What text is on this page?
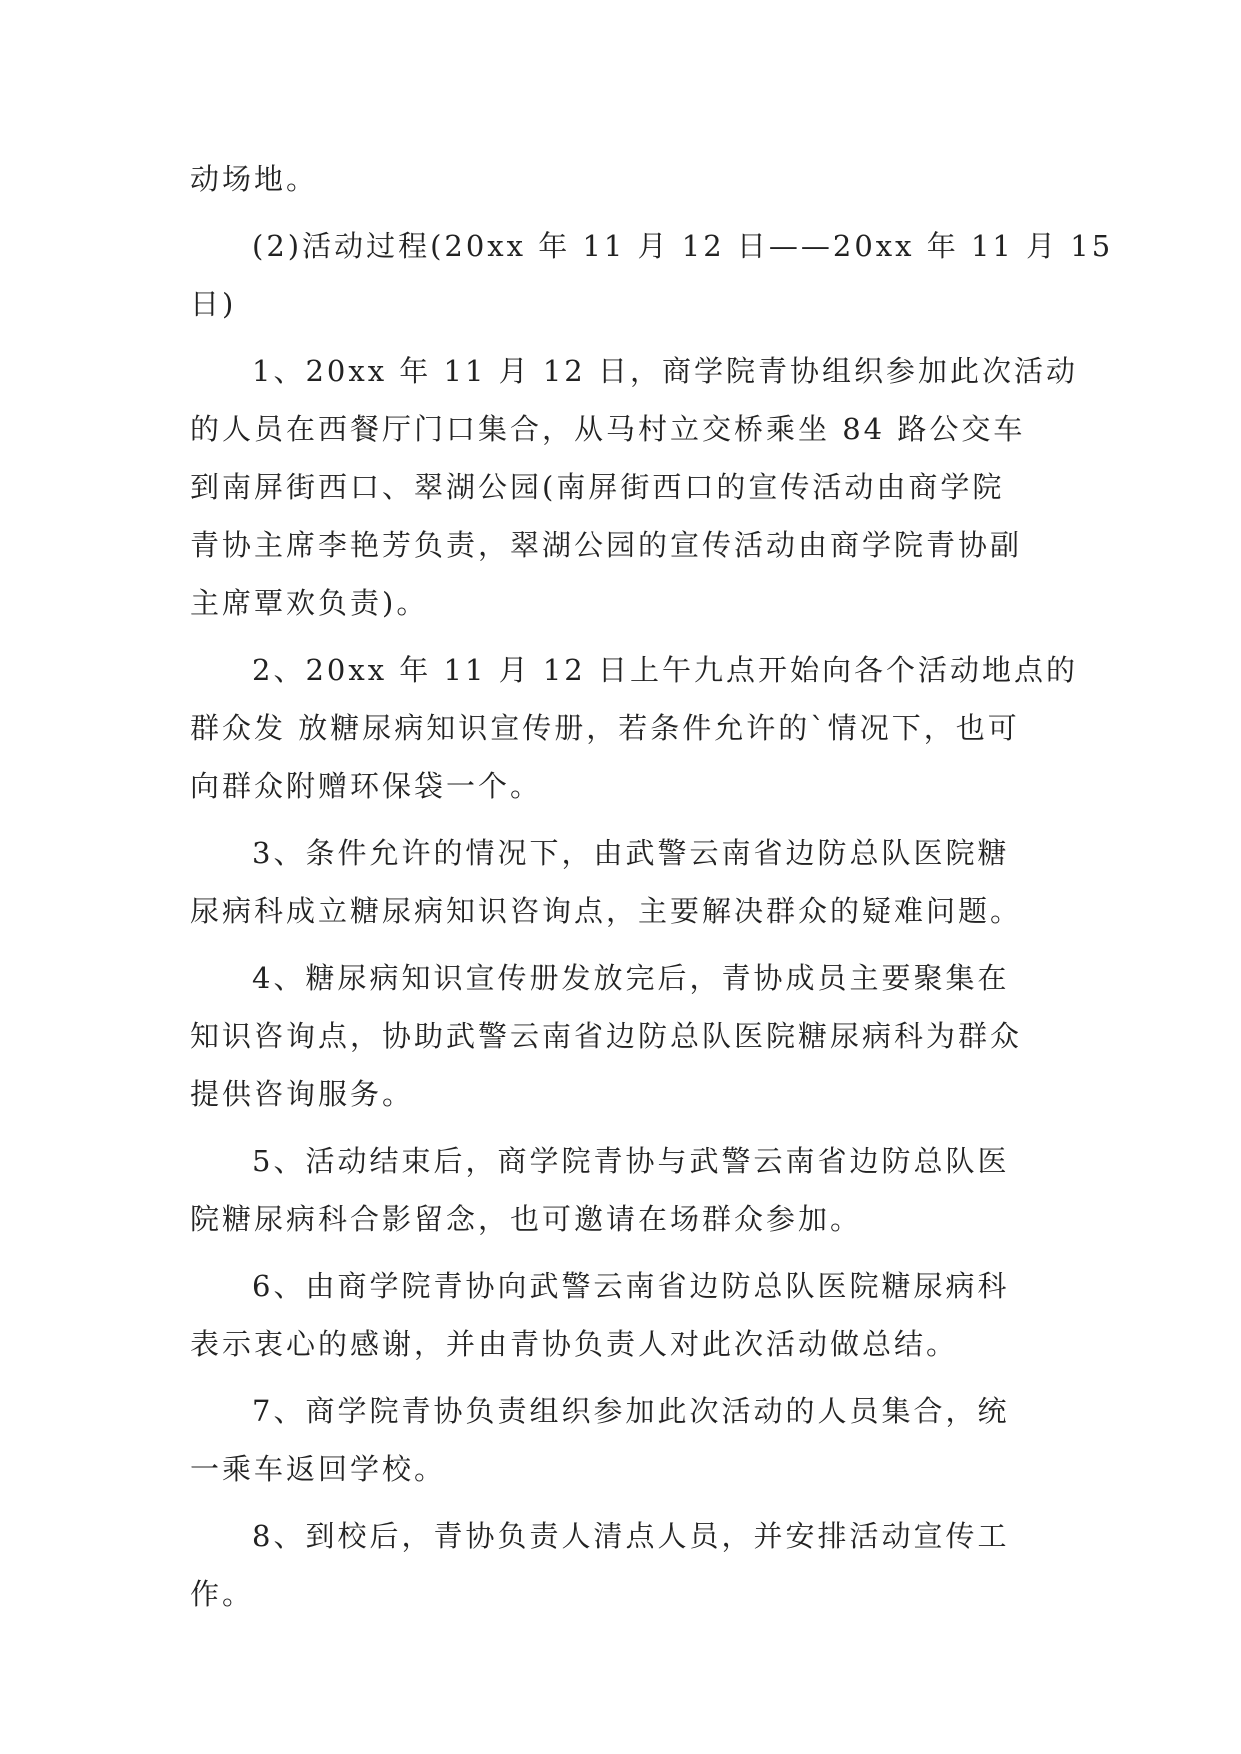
动场地。

(2)活动过程(20xx 年 11 月 12 日——20xx 年 11 月 15
日)

1、20xx 年 11 月 12 日，商学院青协组织参加此次活动
的人员在西餐厅门口集合，从马村立交桥乘坐 84 路公交车
到南屏街西口、翠湖公园(南屏街西口的宣传活动由商学院
青协主席李艳芳负责，翠湖公园的宣传活动由商学院青协副
主席覃欢负责)。

2、20xx 年 11 月 12 日上午九点开始向各个活动地点的
群众发 放糖尿病知识宣传册，若条件允许的`情况下，也可
向群众附赠环保袋一个。

3、条件允许的情况下，由武警云南省边防总队医院糖
尿病科成立糖尿病知识咨询点，主要解决群众的疑难问题。

4、糖尿病知识宣传册发放完后，青协成员主要聚集在
知识咨询点，协助武警云南省边防总队医院糖尿病科为群众
提供咨询服务。

5、活动结束后，商学院青协与武警云南省边防总队医
院糖尿病科合影留念，也可邀请在场群众参加。

6、由商学院青协向武警云南省边防总队医院糖尿病科
表示衷心的感谢，并由青协负责人对此次活动做总结。

7、商学院青协负责组织参加此次活动的人员集合，统
一乘车返回学校。

8、到校后，青协负责人清点人员，并安排活动宣传工
作。
